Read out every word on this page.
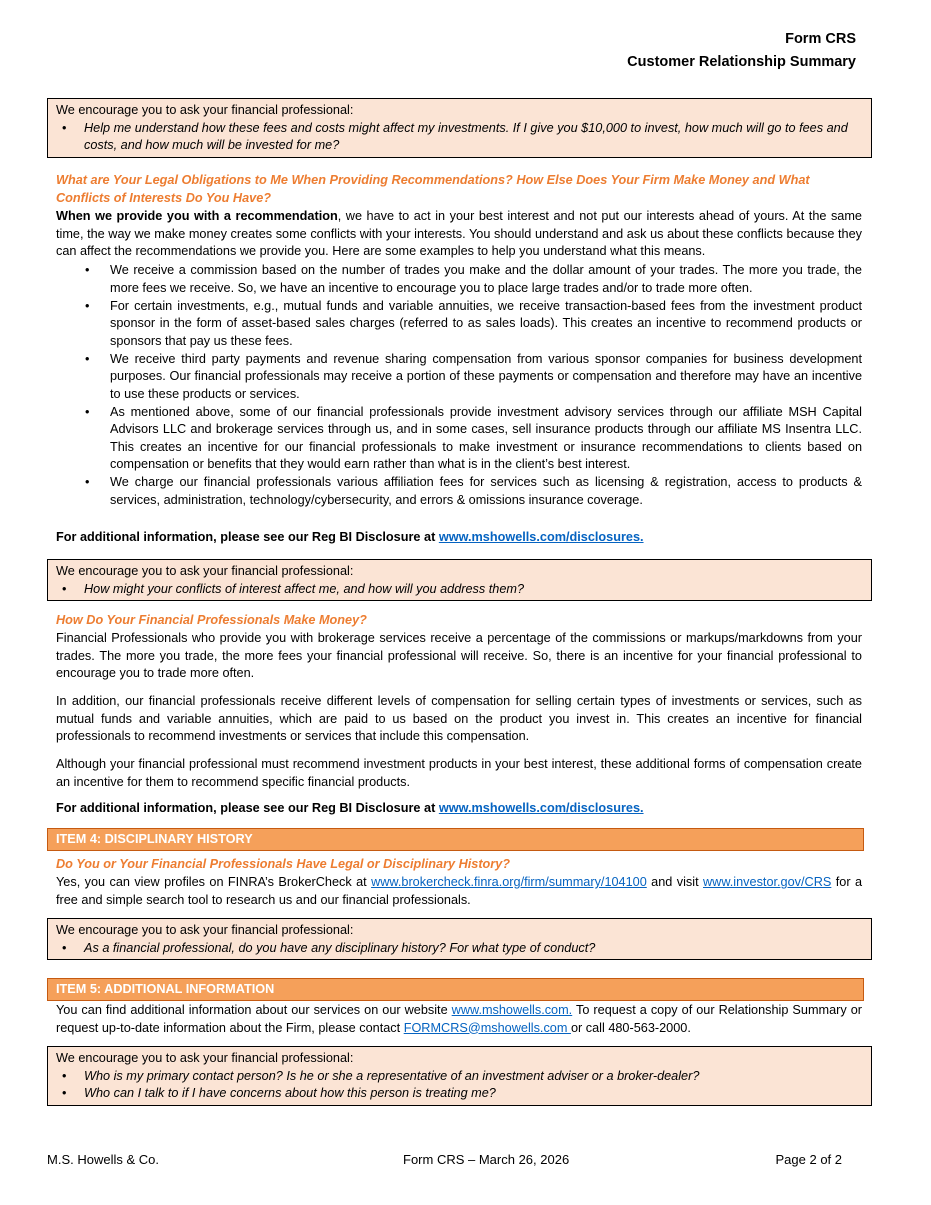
Form CRS
Customer Relationship Summary

We encourage you to ask your financial professional:

• Help me understand how these fees and costs might affect my investments. If I give you $10,000 to invest, how much will go to fees and costs, and how much will be invested for me?
What are Your Legal Obligations to Me When Providing Recommendations? How Else Does Your Firm Make Money and What Conflicts of Interests Do You Have?

When we provide you with a recommendation, we have to act in your best interest and not put our interests ahead of yours. At the same time, the way we make money creates some conflicts with your interests. You should understand and ask us about these conflicts because they can affect the recommendations we provide you. Here are some examples to help you understand what this means.

• We receive a commission based on the number of trades you make and the dollar amount of your trades. The more you trade, the more fees we receive. So, we have an incentive to encourage you to place large trades and/or to trade more often.
• For certain investments, e.g., mutual funds and variable annuities, we receive transaction-based fees from the investment product sponsor in the form of asset-based sales charges (referred to as sales loads). This creates an incentive to recommend products or sponsors that pay us these fees.
• We receive third party payments and revenue sharing compensation from various sponsor companies for business development purposes. Our financial professionals may receive a portion of these payments or compensation and therefore may have an incentive to use these products or services.
• As mentioned above, some of our financial professionals provide investment advisory services through our affiliate MSH Capital Advisors LLC and brokerage services through us, and in some cases, sell insurance products through our affiliate MS Insentra LLC. This creates an incentive for our financial professionals to make investment or insurance recommendations to clients based on compensation or benefits that they would earn rather than what is in the client’s best interest.
• We charge our financial professionals various affiliation fees for services such as licensing & registration, access to products & services, administration, technology/cybersecurity, and errors & omissions insurance coverage.
For additional information, please see our Reg BI Disclosure at www.mshowells.com/disclosures.

We encourage you to ask your financial professional:

• How might your conflicts of interest affect me, and how will you address them?
How Do Your Financial Professionals Make Money?
Financial Professionals who provide you with brokerage services receive a percentage of the commissions or markups/markdowns from your trades. The more you trade, the more fees your financial professional will receive. So, there is an incentive for your financial professional to encourage you to trade more often.
In addition, our financial professionals receive different levels of compensation for selling certain types of investments or services, such as mutual funds and variable annuities, which are paid to us based on the product you invest in. This creates an incentive for financial professionals to recommend investments or services that include this compensation.
Although your financial professional must recommend investment products in your best interest, these additional forms of compensation create an incentive for them to recommend specific financial products.
For additional information, please see our Reg BI Disclosure at www.mshowells.com/disclosures.
ITEM 4: DISCIPLINARY HISTORY
Do You or Your Financial Professionals Have Legal or Disciplinary History?
Yes, you can view profiles on FINRA’s BrokerCheck at www.brokercheck.finra.org/firm/summary/104100 and visit www.investor.gov/CRS for a free and simple search tool to research us and our financial professionals.

We encourage you to ask your financial professional:

• As a financial professional, do you have any disciplinary history? For what type of conduct?
ITEM 5: ADDITIONAL INFORMATION
You can find additional information about our services on our website www.mshowells.com. To request a copy of our Relationship Summary or request up-to-date information about the Firm, please contact FORMCRS@mshowells.com or call 480-563-2000.

We encourage you to ask your financial professional:

• Who is my primary contact person? Is he or she a representative of an investment adviser or a broker-dealer?
• Who can I talk to if I have concerns about how this person is treating me?
M.S. Howells & Co.	Form CRS – March 26, 2026	Page 2 of 2
